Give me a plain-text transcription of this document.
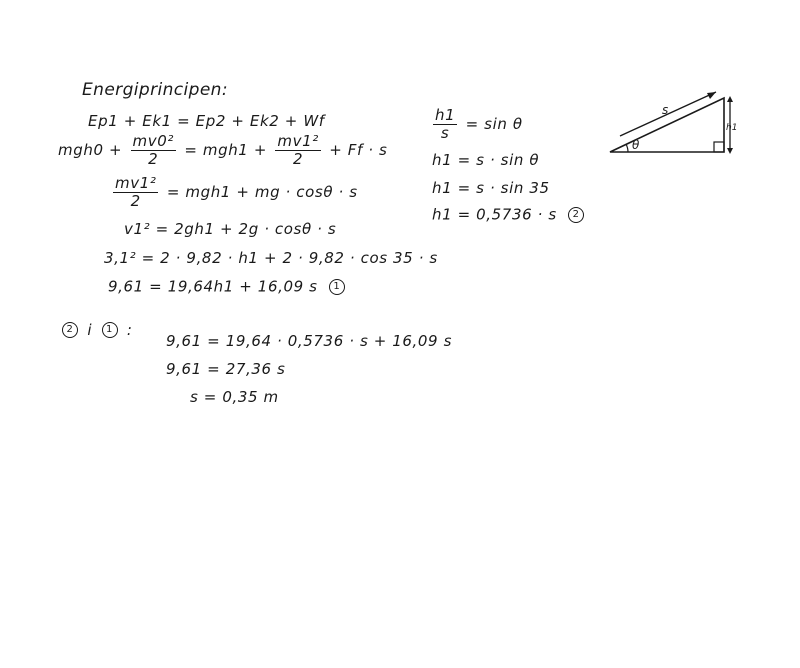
Energiprincipen:
Ep1 + Ek1 = Ep2 + Ek2 + Wf
$mgh0 + \frac{\text{mv0²}}{2} = mgh1 + \frac{\text{mv1²}}{2} + Ff \cdot s$
$\frac{\text{mv1²}}{2} = mgh1$ + mg · cosθ · s
v1² = 2gh1 + 2g · cosθ · s
3,1² = 2 · 9,82 · h1 + 2 · 9,82 · cos 35 · s
9,61 = 19,64h1 + 16,09 s 1
$\frac{h1}{s} = \sin \theta$
h1 = s · sin θ
h1 = s · sin 35
h1 = 0,5736 · s 2
2 i 1 :
9,61 = 19,64 · 0,5736 · s + 16,09 s
9,61 = 27,36 s
s = 0,35 m
s
h1
θ
